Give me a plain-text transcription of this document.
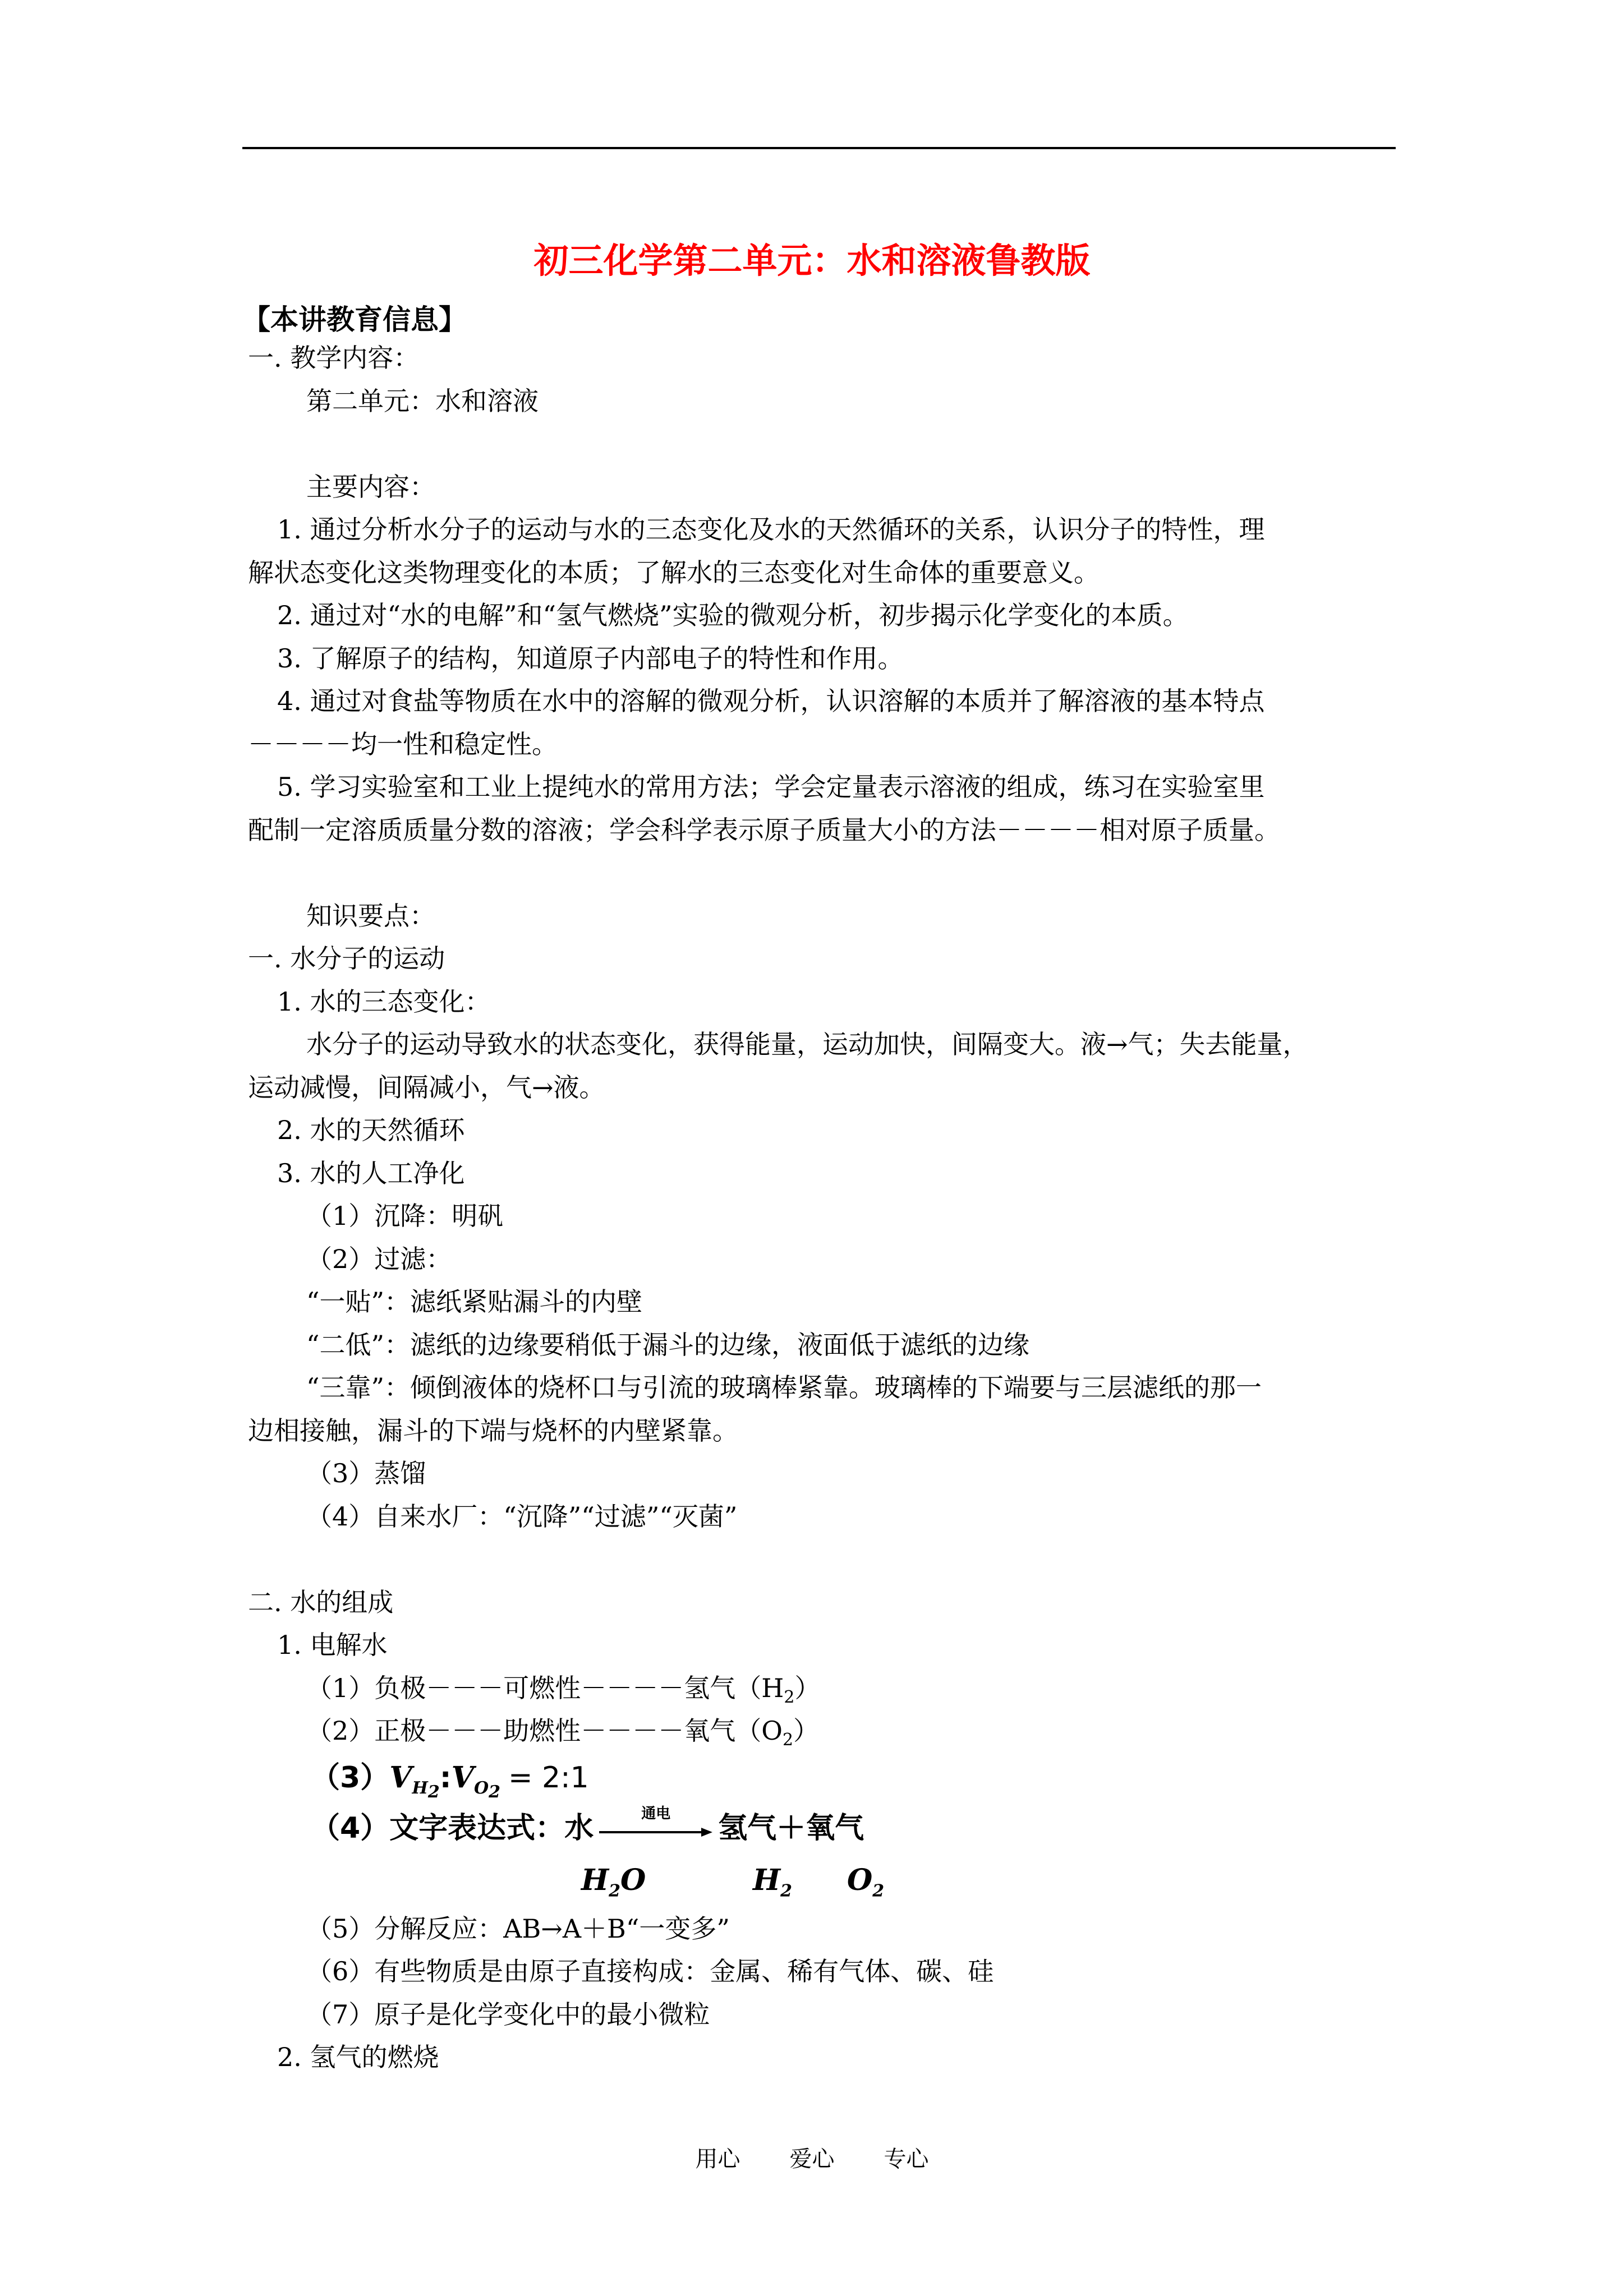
初三化学第二单元：水和溶液鲁教版
【本讲教育信息】
一. 教学内容：
第二单元：水和溶液
主要内容：
1. 通过分析水分子的运动与水的三态变化及水的天然循环的关系，认识分子的特性，理
解状态变化这类物理变化的本质；了解水的三态变化对生命体的重要意义。
2. 通过对“水的电解”和“氢气燃烧”实验的微观分析，初步揭示化学变化的本质。
3. 了解原子的结构，知道原子内部电子的特性和作用。
4. 通过对食盐等物质在水中的溶解的微观分析，认识溶解的本质并了解溶液的基本特点
－－－－均一性和稳定性。
5. 学习实验室和工业上提纯水的常用方法；学会定量表示溶液的组成，练习在实验室里
配制一定溶质质量分数的溶液；学会科学表示原子质量大小的方法－－－－相对原子质量。
知识要点：
一. 水分子的运动
1. 水的三态变化：
水分子的运动导致水的状态变化，获得能量，运动加快，间隔变大。液→气；失去能量，
运动减慢，间隔减小，气→液。
2. 水的天然循环
3. 水的人工净化
（1）沉降：明矾
（2）过滤：
“一贴”：滤纸紧贴漏斗的内壁
“二低”：滤纸的边缘要稍低于漏斗的边缘，液面低于滤纸的边缘
“三靠”：倾倒液体的烧杯口与引流的玻璃棒紧靠。玻璃棒的下端要与三层滤纸的那一
边相接触，漏斗的下端与烧杯的内壁紧靠。
（3）蒸馏
（4）自来水厂：“沉降”“过滤”“灭菌”
二. 水的组成
1. 电解水
（1）负极－－－可燃性－－－－氢气$(H_2)$
（2）正极－－－助燃性－－－－氧气$(O_2)$
$(3)V_{H_2}:V_{O_2}$ = 2:1
（4）文字表达式：水	通电	氢气＋氧气
$H_2O$	$H_2$ $O_2$
（5）分解反应：AB→A＋B“一变多”
（6）有些物质是由原子直接构成：金属、稀有气体、碳、硅
（7）原子是化学变化中的最小微粒
2. 氢气的燃烧
用心 爱心 专心
